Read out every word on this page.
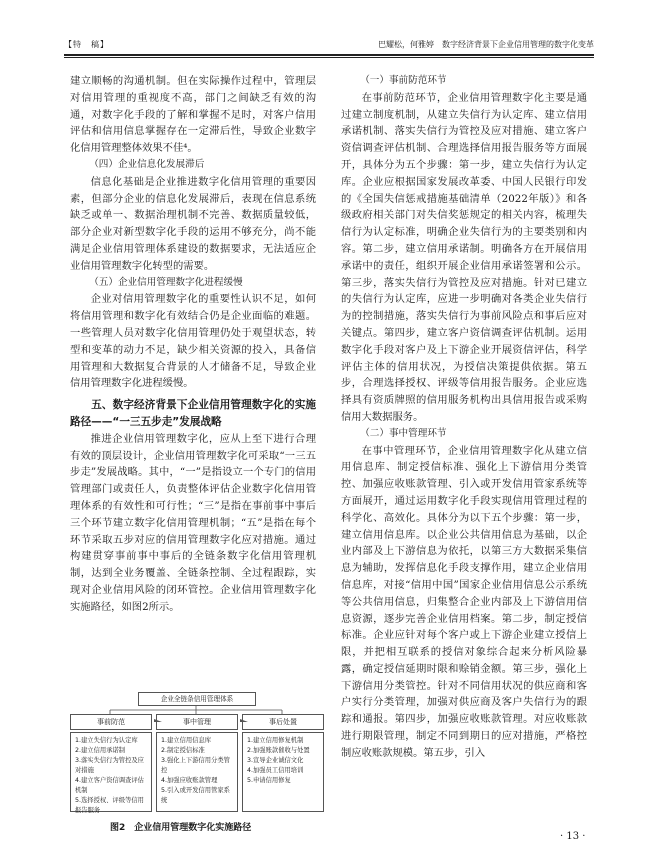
【特　稿】	巴耀松，何雅婷　数字经济背景下企业信用管理的数字化变革

建立顺畅的沟通机制。但在实际操作过程中，管理层对信用管理的重视度不高，部门之间缺乏有效的沟通，对数字化手段的了解和掌握不足时，对客户信用评估和信用信息掌握存在一定滞后性，导致企业数字化信用管理整体效果不佳⁴。

（四）企业信息化发展滞后

信息化基础是企业推进数字化信用管理的重要因素，但部分企业的信息化发展滞后，表现在信息系统缺乏或单一、数据治理机制不完善、数据质量较低，部分企业对新型数字化手段的运用不够充分，尚不能满足企业信用管理体系建设的数据要求，无法适应企业信用管理数字化转型的需要。

（五）企业信用管理数字化进程缓慢

企业对信用管理数字化的重要性认识不足，如何将信用管理和数字化有效结合仍是企业面临的难题。一些管理人员对数字化信用管理仍处于观望状态，转型和变革的动力不足，缺少相关资源的投入，具备信用管理和大数据复合背景的人才储备不足，导致企业信用管理数字化进程缓慢。

五、数字经济背景下企业信用管理数字化的实施路径——“一三五步走”发展战略

推进企业信用管理数字化，应从上至下进行合理有效的顶层设计，企业信用管理数字化可采取“一三五步走”发展战略。其中，“一”是指设立一个专门的信用管理部门或责任人，负责整体评估企业数字化信用管理体系的有效性和可行性；“三”是指在事前事中事后三个环节建立数字化信用管理机制；“五”是指在每个环节采取五步对应的信用管理数字化应对措施。通过构建贯穿事前事中事后的全链条数字化信用管理机制，达到全业务覆盖、全链条控制、全过程跟踪，实现对企业信用风险的闭环管控。企业信用管理数字化实施路径，如图2所示。

（一）事前防范环节

在事前防范环节，企业信用管理数字化主要是通过建立制度机制，从建立失信行为认定库、建立信用承诺机制、落实失信行为管控及应对措施、建立客户资信调查评估机制、合理选择信用报告服务等方面展开，具体分为五个步骤：第一步，建立失信行为认定库。企业应根据国家发展改革委、中国人民银行印发的《全国失信惩戒措施基础清单（2022年版）》和各级政府相关部门对失信奖惩规定的相关内容，梳理失信行为认定标准，明确企业失信行为的主要类别和内容。第二步，建立信用承诺制。明确各方在开展信用承诺中的责任，组织开展企业信用承诺签署和公示。第三步，落实失信行为管控及应对措施。针对已建立的失信行为认定库，应进一步明确对各类企业失信行为的控制措施，落实失信行为事前风险点和事后应对关键点。第四步，建立客户资信调查评估机制。运用数字化手段对客户及上下游企业开展资信评估，科学评估主体的信用状况，为授信决策提供依据。第五步，合理选择授权、评级等信用报告服务。企业应选择具有资质牌照的信用服务机构出具信用报告或采购信用大数据服务。

（二）事中管理环节

在事中管理环节，企业信用管理数字化从建立信用信息库、制定授信标准、强化上下游信用分类管控、加强应收账款管理、引入或开发信用管家系统等方面展开，通过运用数字化手段实现信用管理过程的科学化、高效化。具体分为以下五个步骤：第一步，建立信用信息库。以企业公共信用信息为基础，以企业内部及上下游信息为依托，以第三方大数据采集信息为辅助，发挥信息化手段支撑作用，建立企业信用信息库，对接“信用中国”国家企业信用信息公示系统等公共信用信息，归集整合企业内部及上下游信用信息资源，逐步完善企业信用档案。第二步，制定授信标准。企业应针对每个客户或上下游企业建立授信上限，并把相互联系的授信对象综合起来分析风险暴露，确定授信延期时限和赊销金额。第三步，强化上下游信用分类管控。针对不同信用状况的供应商和客户实行分类管理，加强对供应商及客户失信行为的跟踪和通报。第四步，加强应收账款管理。对应收账款进行期限管理，制定不同到期日的应对措施，严格控制应收账款规模。第五步，引入

企业全链条信用管理体系
事前防范	事中管理	事后处置
1.建立失信行为认定库
2.建立信用承诺制
3.落实失信行为管控及应对措施
4.建立客户资信调查评估机制
5.选择授权、评级等信用报告服务
1.建立信用信息库
2.制定授信标准
3.强化上下游信用分类管控
4.加强应收账款管理
5.引入或开发信用管家系统
1.建立信用修复机制
2.加强账款催收与处置
3.宣导企业诚信文化
4.加强员工信用培训
5.申请信用修复
图2　企业信用管理数字化实施路径
· 13 ·
